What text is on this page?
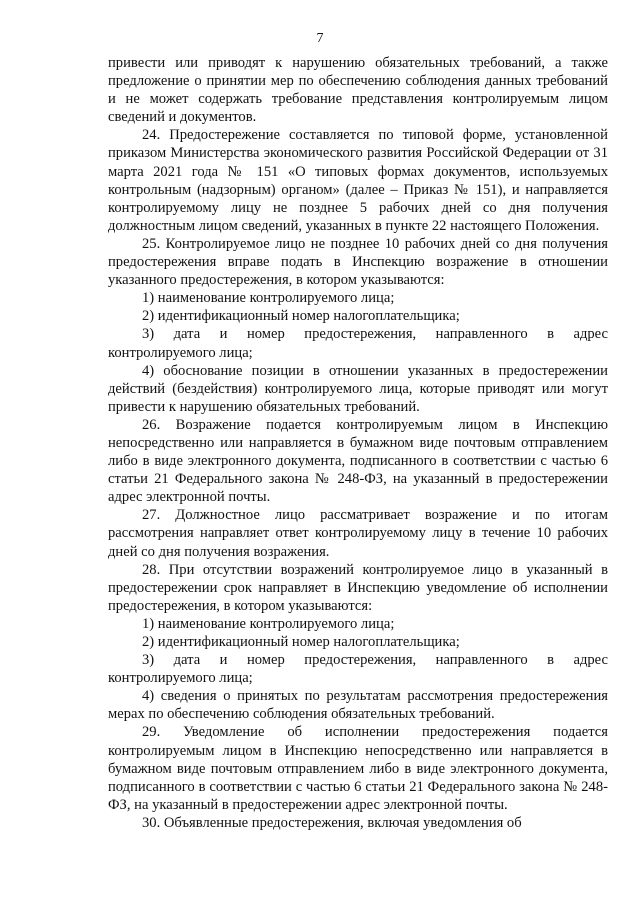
7

привести или приводят к нарушению обязательных требований, а также предложение о принятии мер по обеспечению соблюдения данных требований и не может содержать требование представления контролируемым лицом сведений и документов.

24. Предостережение составляется по типовой форме, установленной приказом Министерства экономического развития Российской Федерации от 31 марта 2021 года № 151 «О типовых формах документов, используемых контрольным (надзорным) органом» (далее – Приказ № 151), и направляется контролируемому лицу не позднее 5 рабочих дней со дня получения должностным лицом сведений, указанных в пункте 22 настоящего Положения.

25. Контролируемое лицо не позднее 10 рабочих дней со дня получения предостережения вправе подать в Инспекцию возражение в отношении указанного предостережения, в котором указываются:

1) наименование контролируемого лица;

2) идентификационный номер налогоплательщика;

3) дата и номер предостережения, направленного в адрес контролируемого лица;

4) обоснование позиции в отношении указанных в предостережении действий (бездействия) контролируемого лица, которые приводят или могут привести к нарушению обязательных требований.

26. Возражение подается контролируемым лицом в Инспекцию непосредственно или направляется в бумажном виде почтовым отправлением либо в виде электронного документа, подписанного в соответствии с частью 6 статьи 21 Федерального закона № 248-ФЗ, на указанный в предостережении адрес электронной почты.

27. Должностное лицо рассматривает возражение и по итогам рассмотрения направляет ответ контролируемому лицу в течение 10 рабочих дней со дня получения возражения.

28. При отсутствии возражений контролируемое лицо в указанный в предостережении срок направляет в Инспекцию уведомление об исполнении предостережения, в котором указываются:

1) наименование контролируемого лица;

2) идентификационный номер налогоплательщика;

3) дата и номер предостережения, направленного в адрес контролируемого лица;

4) сведения о принятых по результатам рассмотрения предостережения мерах по обеспечению соблюдения обязательных требований.

29. Уведомление об исполнении предостережения подается контролируемым лицом в Инспекцию непосредственно или направляется в бумажном виде почтовым отправлением либо в виде электронного документа, подписанного в соответствии с частью 6 статьи 21 Федерального закона № 248-ФЗ, на указанный в предостережении адрес электронной почты.

30. Объявленные предостережения, включая уведомления об
